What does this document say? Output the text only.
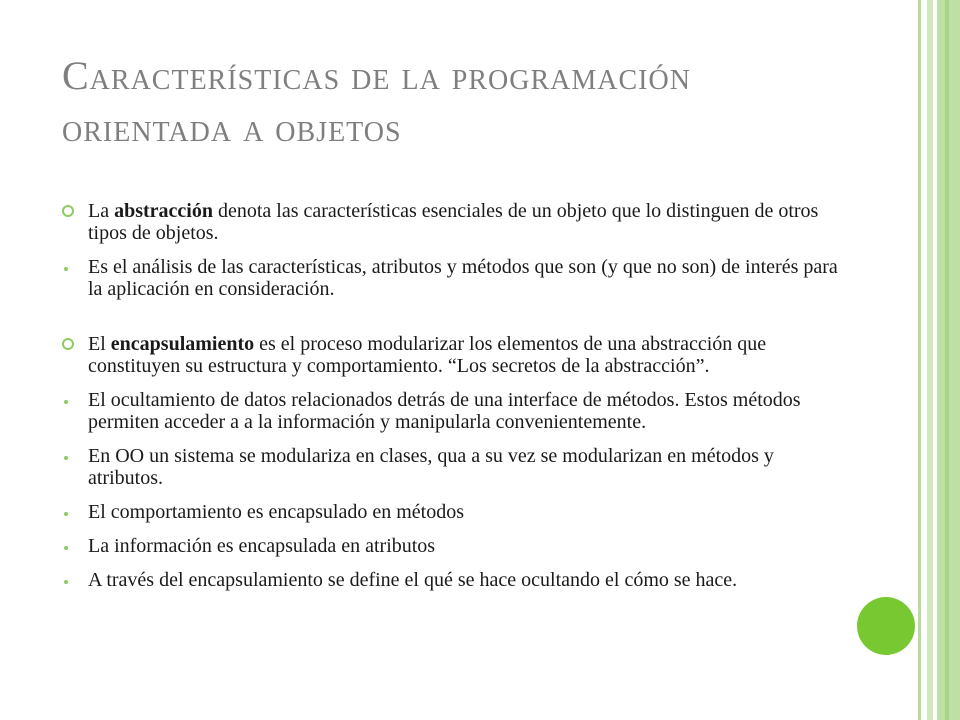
Características de la programación
orientada a objetos
La abstracción denota las características esenciales de un objeto que lo distinguen de otros tipos de objetos.
Es el análisis de las características, atributos y métodos que son (y que no son) de interés para la aplicación en consideración.
El encapsulamiento es el proceso modularizar los elementos de una abstracción que constituyen su estructura y comportamiento. “Los secretos de la abstracción”.
El ocultamiento de datos relacionados detrás de una interface de métodos. Estos métodos permiten acceder a a la información y manipularla convenientemente.
En OO un sistema se modulariza en clases, qua a su vez se modularizan en métodos y atributos.
El comportamiento es encapsulado en métodos
La información es encapsulada en atributos
A través del encapsulamiento se define el qué se hace ocultando el cómo se hace.
